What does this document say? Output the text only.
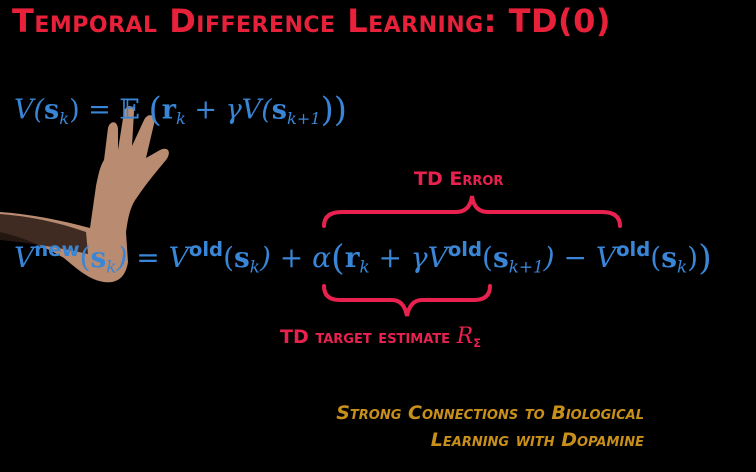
Temporal Difference Learning: TD(0)
$V(s_k)$ = 𝔼 $(r_k + \gamma V(s_{k+1}))$
TD Error
$V^{new}(s_k) = V^{old}(s_k) + \alpha(r_k + \gamma V^{old}(s_{k+1}) - V^{old}(s_k))$
TD target estimate $R_\Sigma$
Strong Connections to Biological
Learning with Dopamine
